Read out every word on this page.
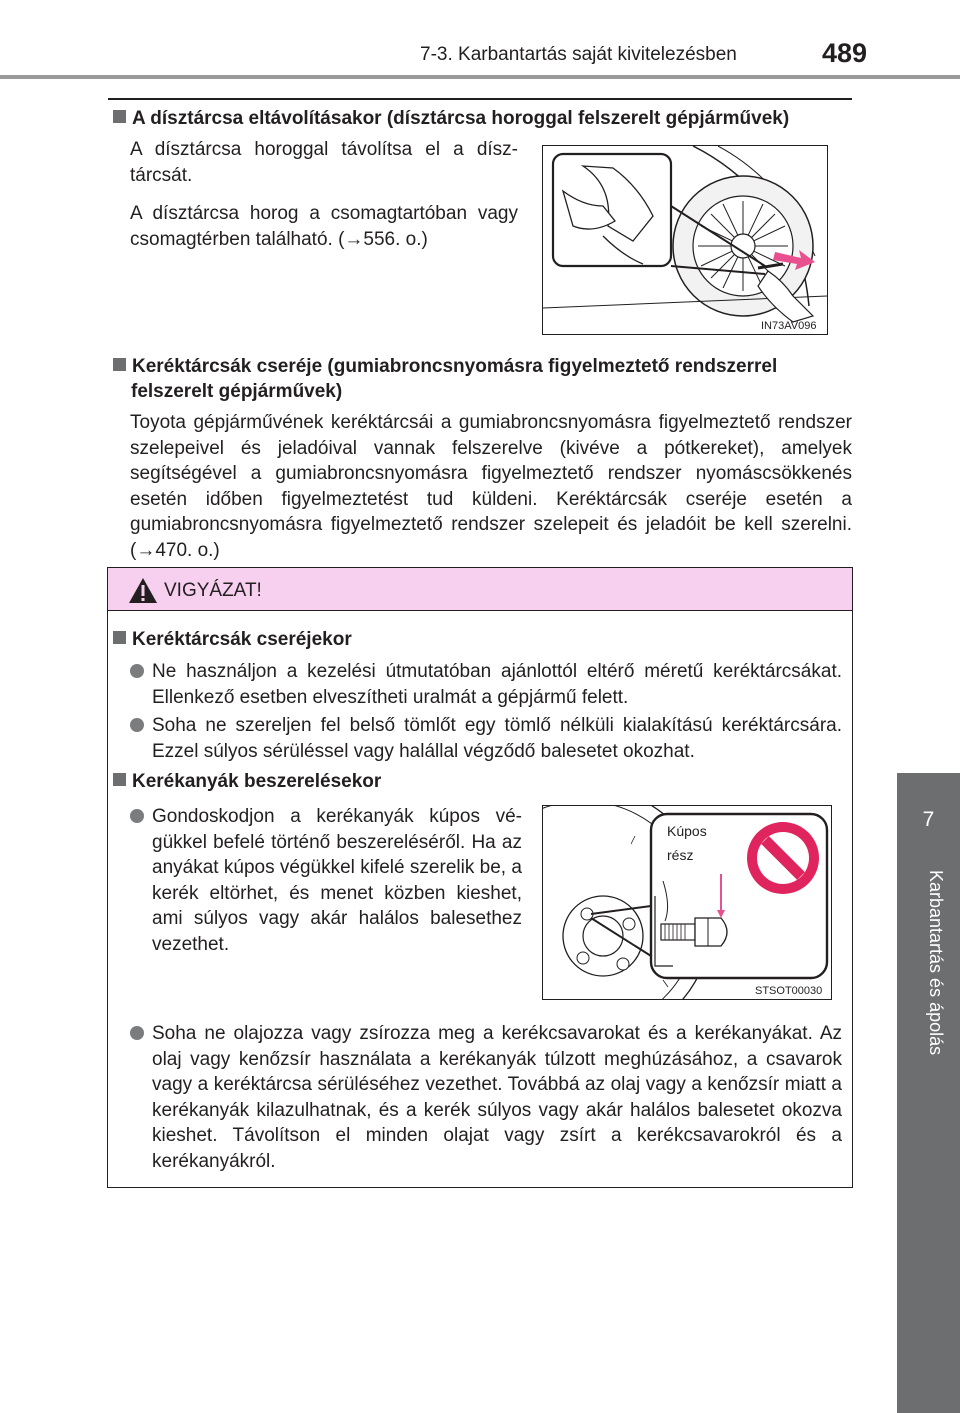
7-3. Karbantartás saját kivitelezésben	489
7
Karbantartás és ápolás
A dísztárcsa eltávolításakor (dísztárcsa horoggal felszerelt gépjárművek)
A dísztárcsa horoggal távolítsa el a dísztárcsát.
A dísztárcsa horog a csomagtartóban vagy csomagtérben található. (→556. o.)
IN73AV096
Keréktárcsák cseréje (gumiabroncsnyomásra figyelmeztető rendszerrel
felszerelt gépjárművek)
Toyota gépjárművének keréktárcsái a gumiabroncsnyomásra figyelmeztető rendszer szelepeivel és jeladóival vannak felszerelve (kivéve a pótkereket), amelyek segítségével a gumiabroncsnyomásra figyelmeztető rendszer nyomáscsökkenés esetén időben figyelmeztetést tud küldeni. Keréktárcsák cseréje esetén a gumiabroncsnyomásra figyelmeztető rendszer szelepeit és jeladóit be kell szerelni. (→470. o.)
VIGYÁZAT!
Keréktárcsák cseréjekor
Ne használjon a kezelési útmutatóban ajánlottól eltérő méretű keréktárcsákat. Ellenkező esetben elveszítheti uralmát a gépjármű felett.
Soha ne szereljen fel belső tömlőt egy tömlő nélküli kialakítású keréktárcsára. Ezzel súlyos sérüléssel vagy halállal végződő balesetet okozhat.
Kerékanyák beszerelésekor
Gondoskodjon a kerékanyák kúpos végükkel befelé történő beszereléséről. Ha az anyákat kúpos végükkel kifelé szerelik be, a kerék eltörhet, és menet közben kieshet, ami súlyos vagy akár halálos balesethez vezethet.
Kúpos
rész
STSOT00030
Soha ne olajozza vagy zsírozza meg a kerékcsavarokat és a kerékanyákat. Az olaj vagy kenőzsír használata a kerékanyák túlzott meghúzásához, a csavarok vagy a keréktárcsa sérüléséhez vezethet. Továbbá az olaj vagy a kenőzsír miatt a kerékanyák kilazulhatnak, és a kerék súlyos vagy akár halálos balesetet okozva kieshet. Távolítson el minden olajat vagy zsírt a kerékcsavarokról és a kerékanyákról.
